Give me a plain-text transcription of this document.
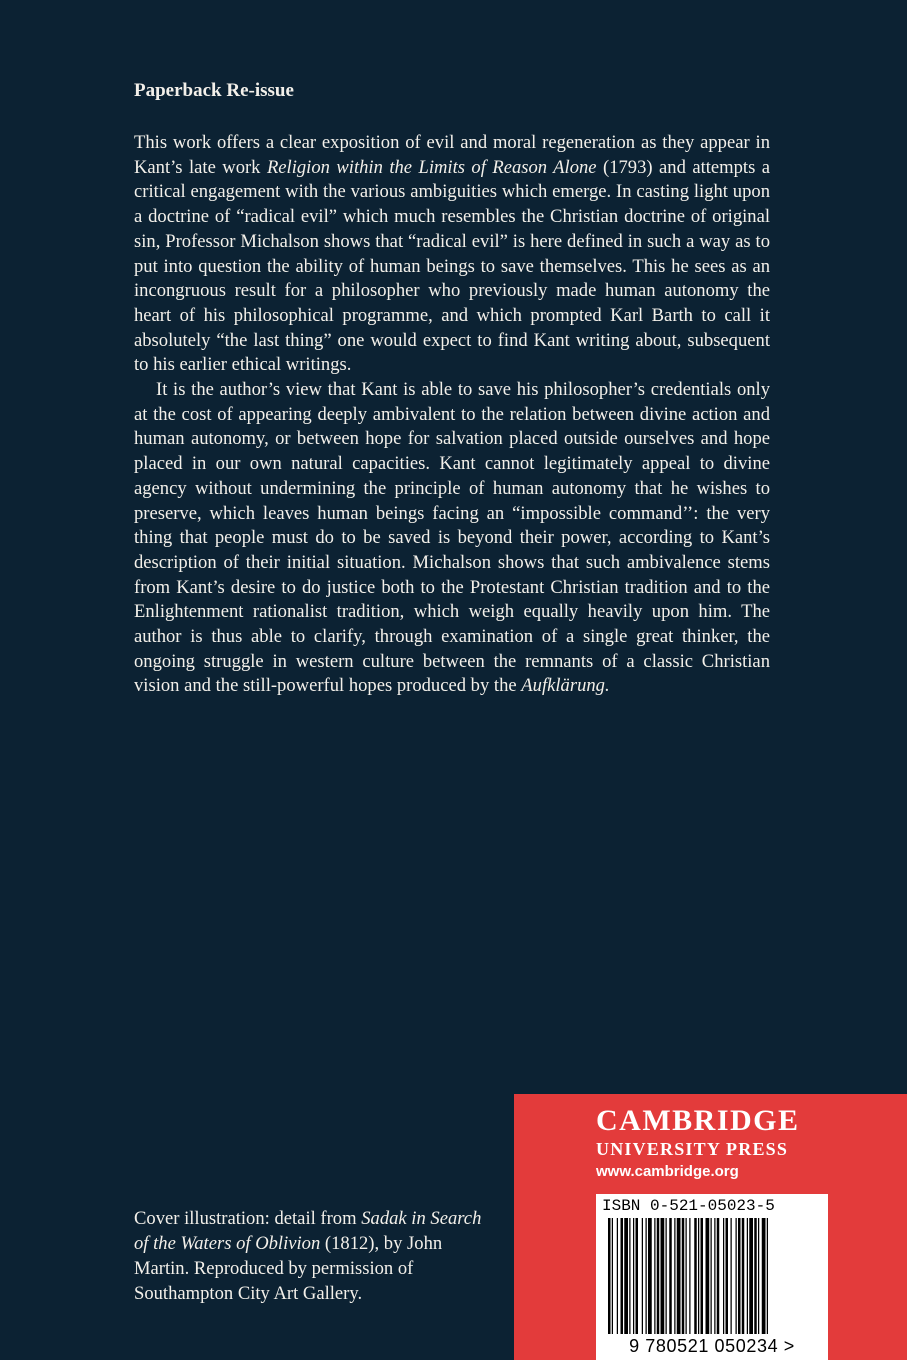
Paperback Re-issue

This work offers a clear exposition of evil and moral regeneration as they appear in Kant’s late work Religion within the Limits of Reason Alone (1793) and attempts a critical engagement with the various ambiguities which emerge. In casting light upon a doctrine of “radical evil” which much resembles the Christian doctrine of original sin, Professor Michalson shows that “radical evil” is here defined in such a way as to put into question the ability of human beings to save themselves. This he sees as an incongruous result for a philosopher who previously made human autonomy the heart of his philosophical programme, and which prompted Karl Barth to call it absolutely “the last thing” one would expect to find Kant writing about, subsequent to his earlier ethical writings.

It is the author’s view that Kant is able to save his philosopher’s credentials only at the cost of appearing deeply ambivalent to the relation between divine action and human autonomy, or between hope for salvation placed outside ourselves and hope placed in our own natural capacities. Kant cannot legitimately appeal to divine agency without undermining the principle of human autonomy that he wishes to preserve, which leaves human beings facing an “impossible command’’: the very thing that people must do to be saved is beyond their power, according to Kant’s description of their initial situation. Michalson shows that such ambivalence stems from Kant’s desire to do justice both to the Protestant Christian tradition and to the Enlightenment rationalist tradition, which weigh equally heavily upon him. The author is thus able to clarify, through examination of a single great thinker, the ongoing struggle in western culture between the remnants of a classic Christian vision and the still-powerful hopes produced by the Aufklärung.

Cover illustration: detail from Sadak in Search of the Waters of Oblivion (1812), by John Martin. Reproduced by permission of Southampton City Art Gallery.
CAMBRIDGE
UNIVERSITY PRESS
www.cambridge.org
ISBN 0-521-05023-5
9 780521 050234 >
